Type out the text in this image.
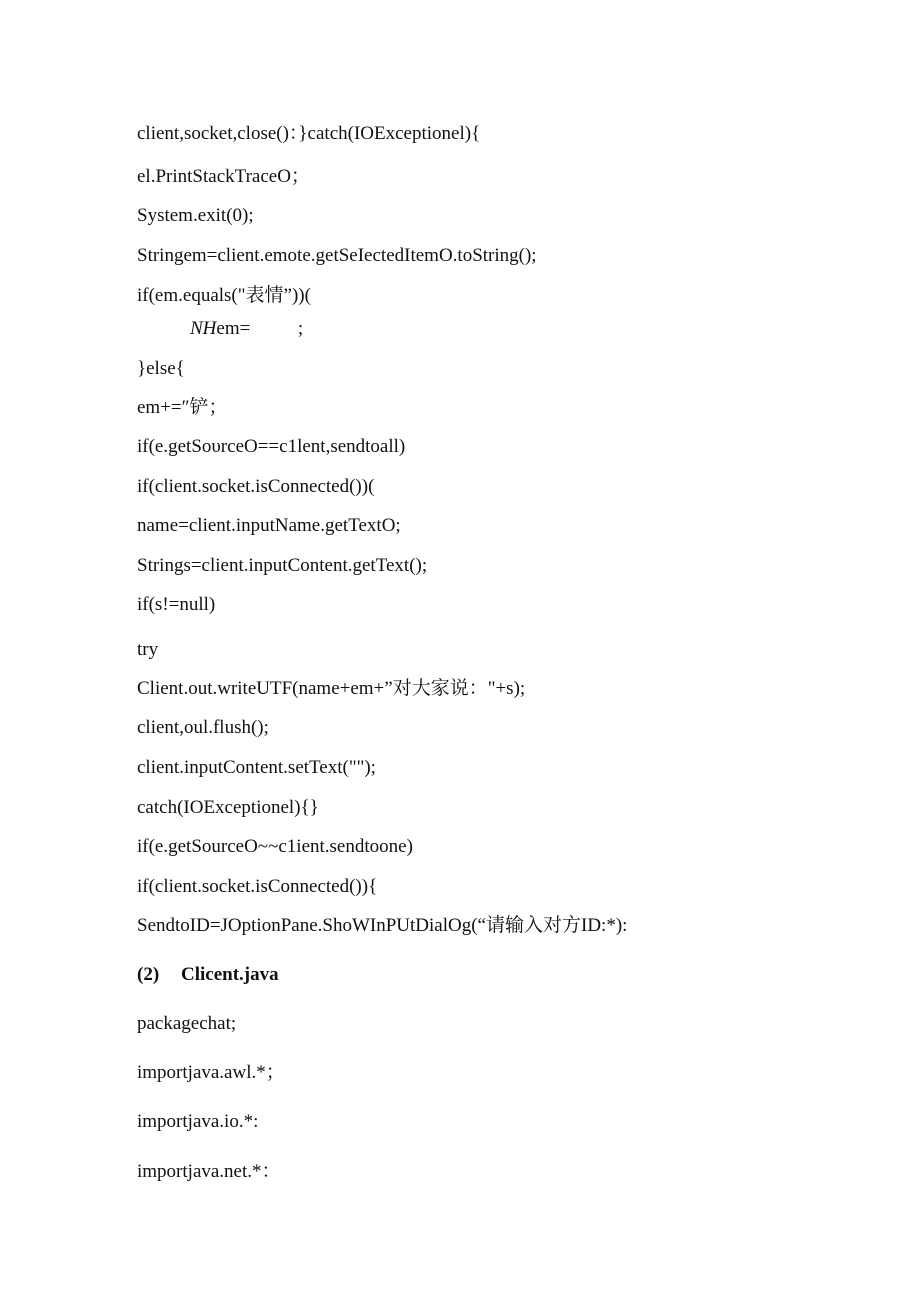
client,socket,close()：}catch(IOExceptionel){
el.PrintStackTraceO；
System.exit(0);
Stringem=client.emote.getSeIectedItemO.toString();
if(em.equals("表情”))(
NHem=          ;
}else{
em+=″铲；
if(e.getSoυrceO==c1lent,sendtoall)
if(client.socket.isConnected())(
name=client.inputName.getTextO;
Strings=client.inputContent.getText();
if(s!=null)
try
Client.out.writeUTF(name+em+”对大家说："+s);
client,oul.flush();
client.inputContent.setText("");
catch(IOExceptionel){}
if(e.getSourceO~~c1ient.sendtoone)
if(client.socket.isConnected()){
SendtoID=JOptionPane.ShoWInPUtDialOg(“请输入对方ID:*):
(2) Clicent.java
packagechat;
importjava.awl.*；
importjava.io.*:
importjava.net.*：
